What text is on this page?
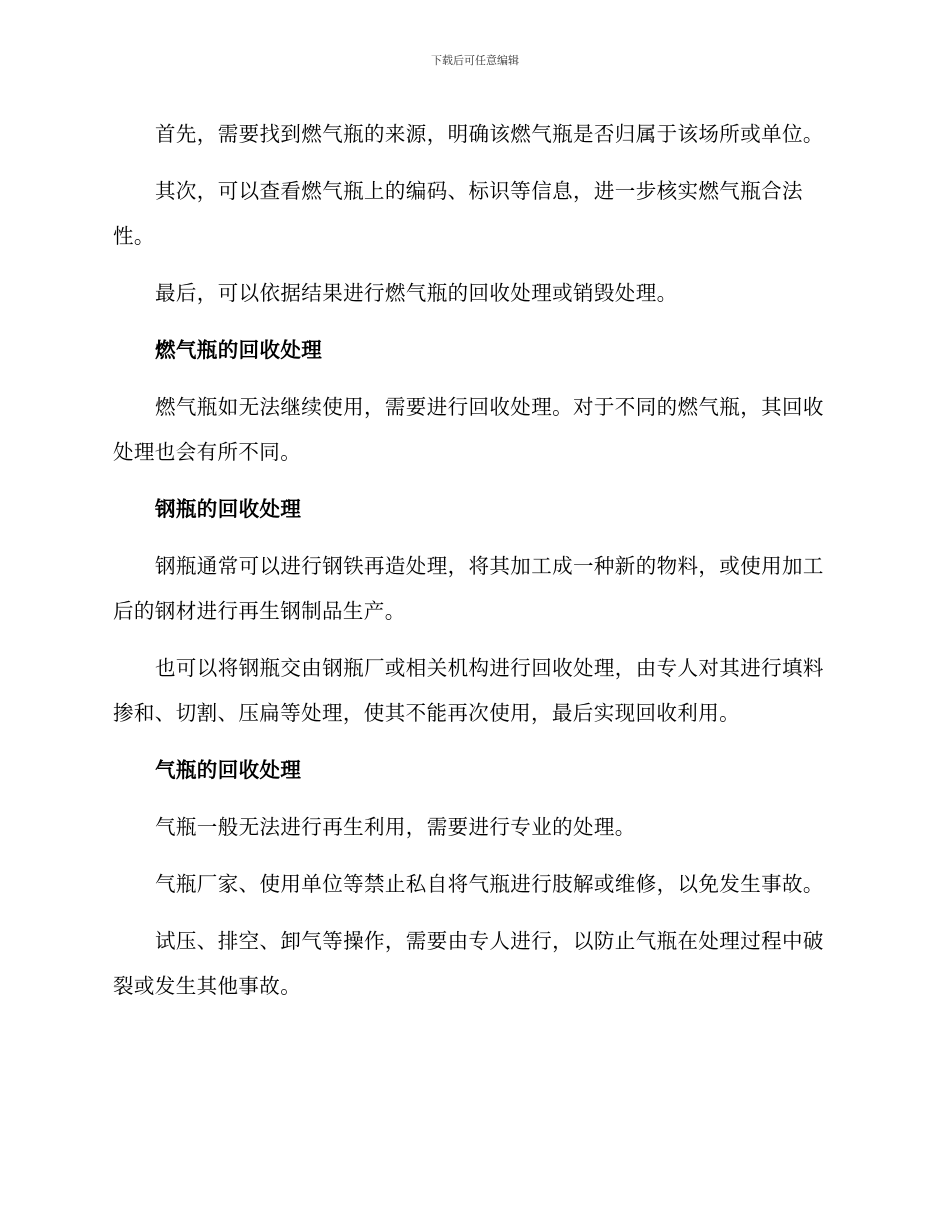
下载后可任意编辑

首先，需要找到燃气瓶的来源，明确该燃气瓶是否归属于该场所或单位。

其次，可以查看燃气瓶上的编码、标识等信息，进一步核实燃气瓶合法性。

最后，可以依据结果进行燃气瓶的回收处理或销毁处理。

燃气瓶的回收处理

燃气瓶如无法继续使用，需要进行回收处理。对于不同的燃气瓶，其回收处理也会有所不同。

钢瓶的回收处理

钢瓶通常可以进行钢铁再造处理，将其加工成一种新的物料，或使用加工后的钢材进行再生钢制品生产。

也可以将钢瓶交由钢瓶厂或相关机构进行回收处理，由专人对其进行填料掺和、切割、压扁等处理，使其不能再次使用，最后实现回收利用。

气瓶的回收处理

气瓶一般无法进行再生利用，需要进行专业的处理。

气瓶厂家、使用单位等禁止私自将气瓶进行肢解或维修，以免发生事故。

试压、排空、卸气等操作，需要由专人进行，以防止气瓶在处理过程中破裂或发生其他事故。
